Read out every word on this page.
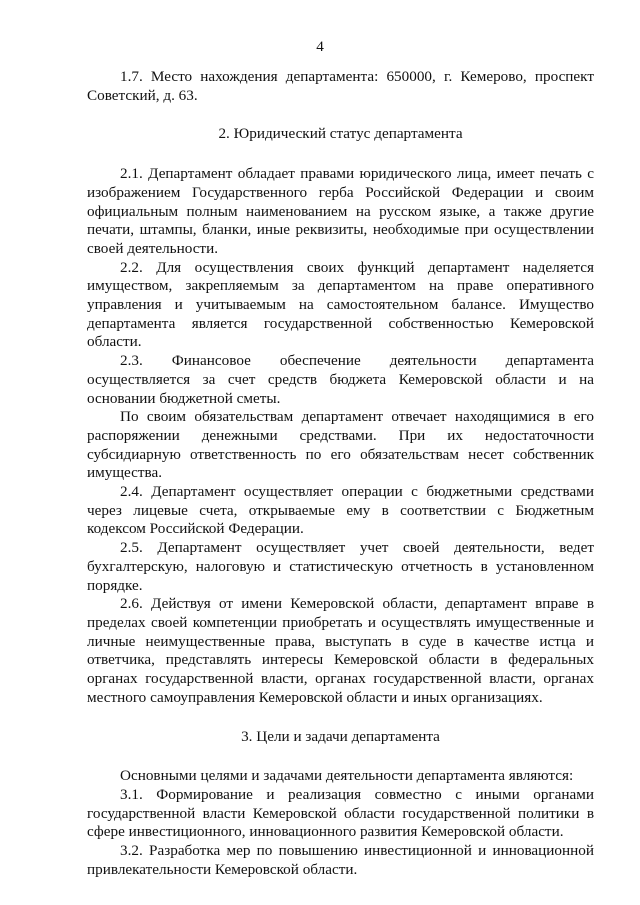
4

1.7. Место нахождения департамента: 650000, г. Кемерово, проспект Советский, д. 63.

2. Юридический статус департамента

2.1. Департамент обладает правами юридического лица, имеет печать с изображением Государственного герба Российской Федерации и своим официальным полным наименованием на русском языке, а также другие печати, штампы, бланки, иные реквизиты, необходимые при осуществлении своей деятельности.

2.2. Для осуществления своих функций департамент наделяется имуществом, закрепляемым за департаментом на праве оперативного управления и учитываемым на самостоятельном балансе. Имущество департамента является государственной собственностью Кемеровской области.

2.3. Финансовое обеспечение деятельности департамента осуществляется за счет средств бюджета Кемеровской области и на основании бюджетной сметы.

По своим обязательствам департамент отвечает находящимися в его распоряжении денежными средствами. При их недостаточности субсидиарную ответственность по его обязательствам несет собственник имущества.

2.4. Департамент осуществляет операции с бюджетными средствами через лицевые счета, открываемые ему в соответствии с Бюджетным кодексом Российской Федерации.

2.5. Департамент осуществляет учет своей деятельности, ведет бухгалтерскую, налоговую и статистическую отчетность в установленном порядке.

2.6. Действуя от имени Кемеровской области, департамент вправе в пределах своей компетенции приобретать и осуществлять имущественные и личные неимущественные права, выступать в суде в качестве истца и ответчика, представлять интересы Кемеровской области в федеральных органах государственной власти, органах государственной власти, органах местного самоуправления Кемеровской области и иных организациях.

3. Цели и задачи департамента

Основными целями и задачами деятельности департамента являются:

3.1. Формирование и реализация совместно с иными органами государственной власти Кемеровской области государственной политики в сфере инвестиционного, инновационного развития Кемеровской области.

3.2. Разработка мер по повышению инвестиционной и инновационной привлекательности Кемеровской области.
